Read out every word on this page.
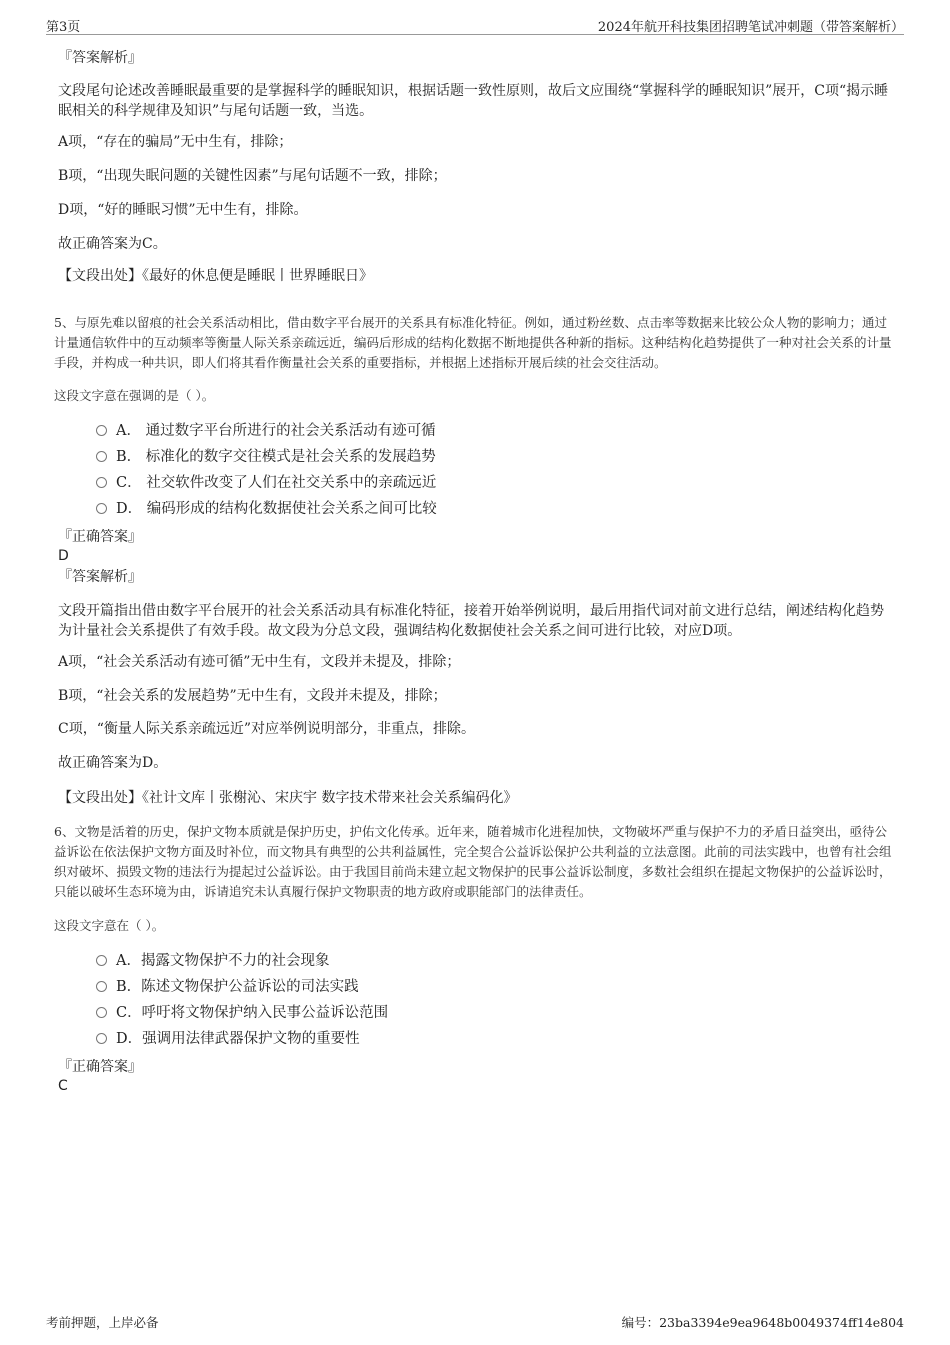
第3页	2024年航开科技集团招聘笔试冲刺题（带答案解析）
『答案解析』
文段尾句论述改善睡眠最重要的是掌握科学的睡眠知识，根据话题一致性原则，故后文应围绕“掌握科学的睡眠知识”展开，C项“揭示睡眠相关的科学规律及知识”与尾句话题一致，当选。
A项，“存在的骗局”无中生有，排除；
B项，“出现失眠问题的关键性因素”与尾句话题不一致，排除；
D项，“好的睡眠习惯”无中生有，排除。
故正确答案为C。
【文段出处】《最好的休息便是睡眠丨世界睡眠日》
5、与原先难以留痕的社会关系活动相比，借由数字平台展开的关系具有标准化特征。例如，通过粉丝数、点击率等数据来比较公众人物的影响力；通过计量通信软件中的互动频率等衡量人际关系亲疏远近，编码后形成的结构化数据不断地提供各种新的指标。这种结构化趋势提供了一种对社会关系的计量手段，并构成一种共识，即人们将其看作衡量社会关系的重要指标，并根据上述指标开展后续的社会交往活动。
这段文字意在强调的是（ ）。
A． 通过数字平台所进行的社会关系活动有迹可循
B． 标准化的数字交往模式是社会关系的发展趋势
C． 社交软件改变了人们在社交关系中的亲疏远近
D． 编码形成的结构化数据使社会关系之间可比较
『正确答案』
D
『答案解析』
文段开篇指出借由数字平台展开的社会关系活动具有标准化特征，接着开始举例说明，最后用指代词对前文进行总结，阐述结构化趋势为计量社会关系提供了有效手段。故文段为分总文段，强调结构化数据使社会关系之间可进行比较，对应D项。
A项，“社会关系活动有迹可循”无中生有，文段并未提及，排除；
B项，“社会关系的发展趋势”无中生有，文段并未提及，排除；
C项，“衡量人际关系亲疏远近”对应举例说明部分，非重点，排除。
故正确答案为D。
【文段出处】《社计文库丨张榭沁、宋庆宇 数字技术带来社会关系编码化》
6、文物是活着的历史，保护文物本质就是保护历史，护佑文化传承。近年来，随着城市化进程加快，文物破坏严重与保护不力的矛盾日益突出，亟待公益诉讼在依法保护文物方面及时补位，而文物具有典型的公共利益属性，完全契合公益诉讼保护公共利益的立法意图。此前的司法实践中，也曾有社会组织对破坏、损毁文物的违法行为提起过公益诉讼。由于我国目前尚未建立起文物保护的民事公益诉讼制度，多数社会组织在提起文物保护的公益诉讼时，只能以破坏生态环境为由，诉请追究未认真履行保护文物职责的地方政府或职能部门的法律责任。
这段文字意在（ ）。
A．揭露文物保护不力的社会现象
B．陈述文物保护公益诉讼的司法实践
C．呼吁将文物保护纳入民事公益诉讼范围
D．强调用法律武器保护文物的重要性
『正确答案』
C
考前押题，上岸必备	编号：23ba3394e9ea9648b0049374ff14e804
